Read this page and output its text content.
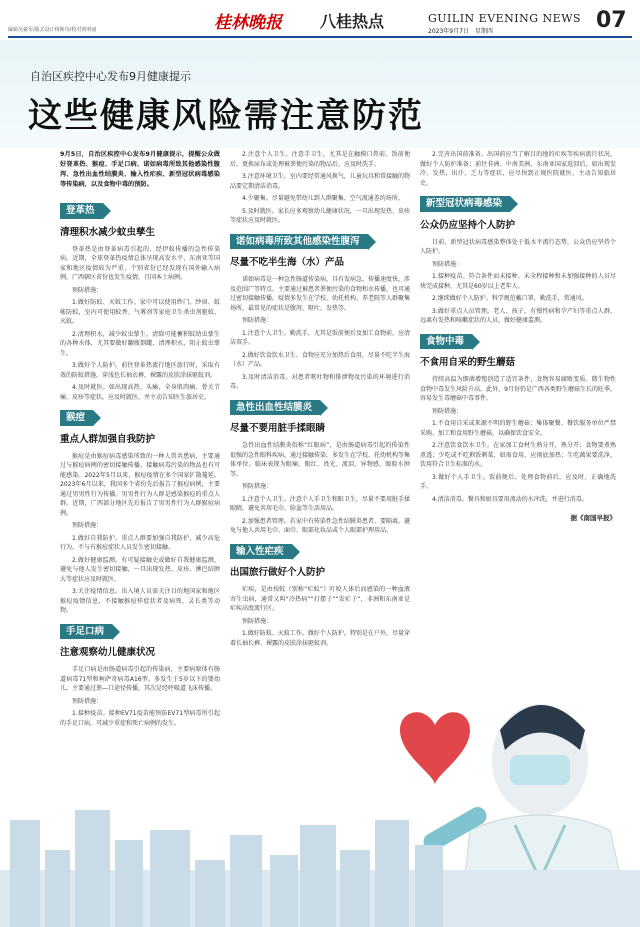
编辑吴豪军/版式设计杨斯诗/校对黄明丽	桂林晚报 八桂热点	GUILIN EVENING NEWS
2023年9月7日　星期四	07
自治区疾控中心发布9月健康提示
这些健康风险需注意防范
9月5日，自治区疾控中心发布9月健康提示，提醒公众做好登革热、猴痘、手足口病、诺如病毒所致其他感染性腹泻、急性出血性结膜炎、输入性疟疾、新型冠状病毒感染等传染病，以及食物中毒的预防。
登革热
清理积水减少蚊虫孳生

登革热是由登革病毒引起的、经伊蚊传播的急性传染病。近期，全球登革热疫情总体呈现高发水平，东南亚等国家和地区疫情较为严重，个别省份已经发现有国外输入病例，广西辖区省份也发生疫情，且国本土病例。

预防措施：

1.做好防蚊、灭蚊工作。家中可以使用纱门、纱窗、蚊帐防蚊，室内可使用蚊香、气雾剂等家庭卫生杀虫剂驱蚊、灭蚊。

2.清理积水，减少蚊虫孳生。清除可能蓄积蚊幼虫孳生的各种水体，尤其要做好翻瓶倒罐、清理积水，阻止蚊虫孳生。

3.做好个人防护。前往登革热流行地区旅行时，采取有效的防蚊措施，穿浅色长袖衣裤，裸露的皮肤涂抹驱蚊剂。

4.及时就医。如出现高热、头痛、全身肌肉痛、骨关节痛、皮疹等症状，应及时就医，并主动告知医生旅居史。

猴痘
重点人群加强自我防护

猴痘是由猴痘病毒感染所致的一种人兽共患病，主要通过与猴痘病例的密切接触传播。接触病毒污染的物品也有可能感染。2022年5月以来，猴痘疫情在多个国家扩散蔓延，2023年6月以来，我国多个省份先后报告了猴痘病例，主要通过男男性行为传播。男男性行为人群是感染猴痘的重点人群。近期，广西部分地区先后报告了男男性行为人群猴痘病例。

预防措施：

1.做好自我防护。重点人群要加强自我防护，减少高危行为，不与有猴痘症状人员发生密切接触。

2.做好健康监测。有可疑接触史或做好自我健康监测，避免与他人发生密切接触，一旦出现发热、皮疹、淋巴结肿大等症状应及时就医。

3.关注疫情信息。出入境人员需关注目的地国家和地区猴痘疫情信息，不接触猴痘样症状者及病死、灵长类等动物。

手足口病
注意观察幼儿健康状况

手足口病是由肠道病毒引起的传染病，主要病原体有肠道病毒71型和柯萨奇病毒A16型。多发生于5岁以下的婴幼儿，主要通过粪—口途径传播，其次是经呼吸道飞沫传播。

预防措施：

1.接种疫苗。接种EV71疫苗能预防EV71型病毒所引起的手足口病，可减少重症和死亡病例的发生。

2.注意个人卫生。注意手卫生，尤其是在触摸口鼻前、饭前便后、更换尿布或处理被粪便污染的物品后，应及时洗手。

3.注意环境卫生。室内要经常通风换气，儿童玩具和常接触的物品要定期清洁消毒。

4.少聚集。尽量避免带幼儿到人群聚集、空气流通差的场所。

5.及时就医。家长应多观察幼儿健康状况，一旦出现发热、皮疹等症状应及时就医。

诺如病毒所致其他感染性腹泻
尽量不吃半生海（水）产品

诺如病毒是一种急性肠道传染病，具有发病急、传播速度快、涉及范围广等特点，主要通过被患者粪便污染的食物和水传播，也可通过密切接触传播。疫情多发生在学校、幼托机构、养老院等人群聚集场所，最常见的症状是腹泻、呕吐、发热等。

预防措施：

1.注意个人卫生。勤洗手，尤其是饭前便后及加工食物前，应清洁双手。

2.做好饮食饮水卫生。食物应充分加热后食用，尽量不吃半生海（水）产品。

3.及时清洁消毒。对患者呕吐物和排泄物及污染的环境进行消毒。

急性出血性结膜炎
尽量不要用脏手揉眼睛

急性出血性结膜炎俗称“红眼病”，是由肠道病毒引起的传染性很强的急性眼科疾病，通过接触传染，多发生在学校、托幼机构等集体单位。临床表现为眼痛、眼红、畏光、流泪、异物感、眼睑水肿等。

预防措施：

1.注意个人卫生。注意个人手卫生和眼卫生，尽量不要用脏手揉眼睛，避免共用毛巾、脸盆等生活用品。

2.加强患者管理。若家中有传染性急性结膜炎患者，要隔离，避免与他人共用毛巾、面巾、眼部化妆品或个人眼部护理用品。

输入性疟疾
出国旅行做好个人防护

疟疾，是由按蚊（别称“疟蚊”）叮咬人体后而感染的一种血液寄生虫病，通常又叫“冷热病”“打摆子”“发疟子”，非洲和东南亚是疟疾高度流行区。

预防措施：

1.做好防蚊、灭蚊工作。做好个人防护，特别是在户外，尽量穿着长袖长裤，裸露的皮肤涂抹驱蚊剂。

2.完善出国前准备。出国前应当了解目的地的疟疾等疾病流行状况，做好个人防护准备；前往非洲、中南美洲、东南亚国家返回后，如出现发冷、发热、出汗、乏力等症状，应尽快到正规医院就医，主动告知旅居史。

新型冠状病毒感染
公众仍应坚持个人防护

目前，新型冠状病毒感染整体处于低水平流行态势，公众仍应坚持个人防护。

预防措施：

1.接种疫苗。符合条件而未接种、未全程接种和未加强接种的人员尽快完成接种，尤其是60岁以上老年人。

2.继续做好个人防护。科学规范戴口罩，勤洗手，常通风。

3.做好重点人员管理。老人、孩子、有慢性病和孕产妇等重点人群，远离有发热和咳嗽症状的人员，做好健康监测。

食物中毒
不食用自采的野生蘑菇

持续高温为细菌增殖创造了适宜条件，食物容易腐败变质。微生物性食物中毒发生风险升高。此外，9月份仍是广西各类野生蘑菇生长的旺季，容易发生毒蘑菇中毒事件。

预防措施：

1.不食用自采或来源不明的野生蘑菇；集体聚餐、餐饮服务单位严禁采购、加工和食用野生蘑菇，以确保饮食安全。

2.注意饮食饮水卫生。在家加工食材生熟分开，熟分开；食物要煮熟煮透；少吃或不吃剩饭剩菜，如需食用，应彻底加热；生吃蔬果要洗净，饮用符合卫生标准的水。

3.做好个人手卫生。饭前便后、处理食物前后，应及时、正确地洗手。

4.清洁消毒。餐具和厨具要用流动的水冲洗，并进行消毒。

据《南国早报》
